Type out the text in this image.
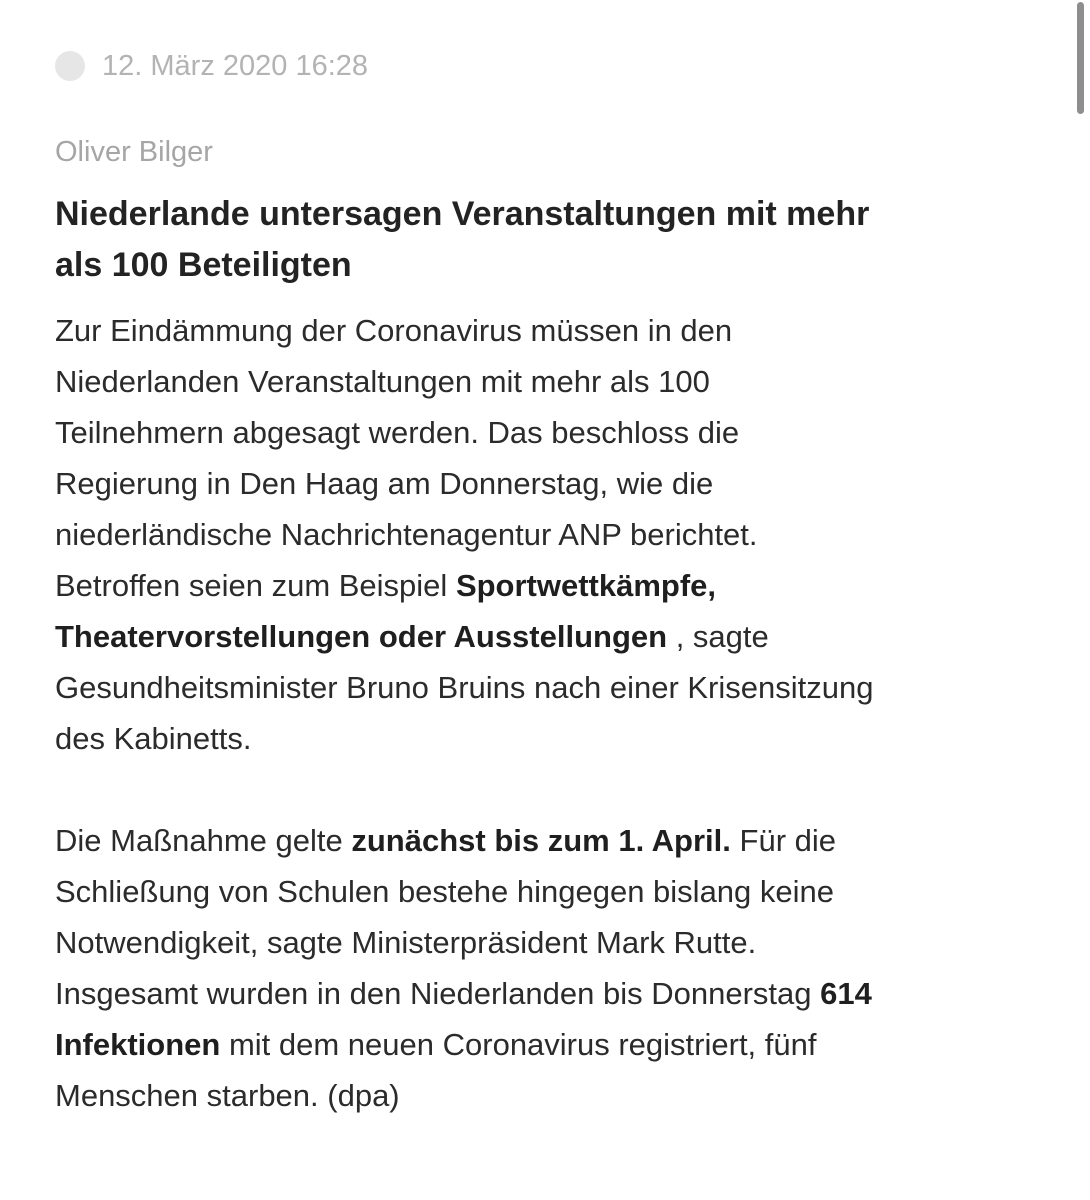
12. März 2020 16:28
Oliver Bilger
Niederlande untersagen Veranstaltungen mit mehr
als 100 Beteiligten

Zur Eindämmung der Coronavirus müssen in den
Niederlanden Veranstaltungen mit mehr als 100
Teilnehmern abgesagt werden. Das beschloss die
Regierung in Den Haag am Donnerstag, wie die
niederländische Nachrichtenagentur ANP berichtet.
Betroffen seien zum Beispiel Sportwettkämpfe,
Theatervorstellungen oder Ausstellungen , sagte
Gesundheitsminister Bruno Bruins nach einer Krisensitzung
des Kabinetts.

Die Maßnahme gelte zunächst bis zum 1. April. Für die
Schließung von Schulen bestehe hingegen bislang keine
Notwendigkeit, sagte Ministerpräsident Mark Rutte.
Insgesamt wurden in den Niederlanden bis Donnerstag 614
Infektionen mit dem neuen Coronavirus registriert, fünf
Menschen starben. (dpa)
